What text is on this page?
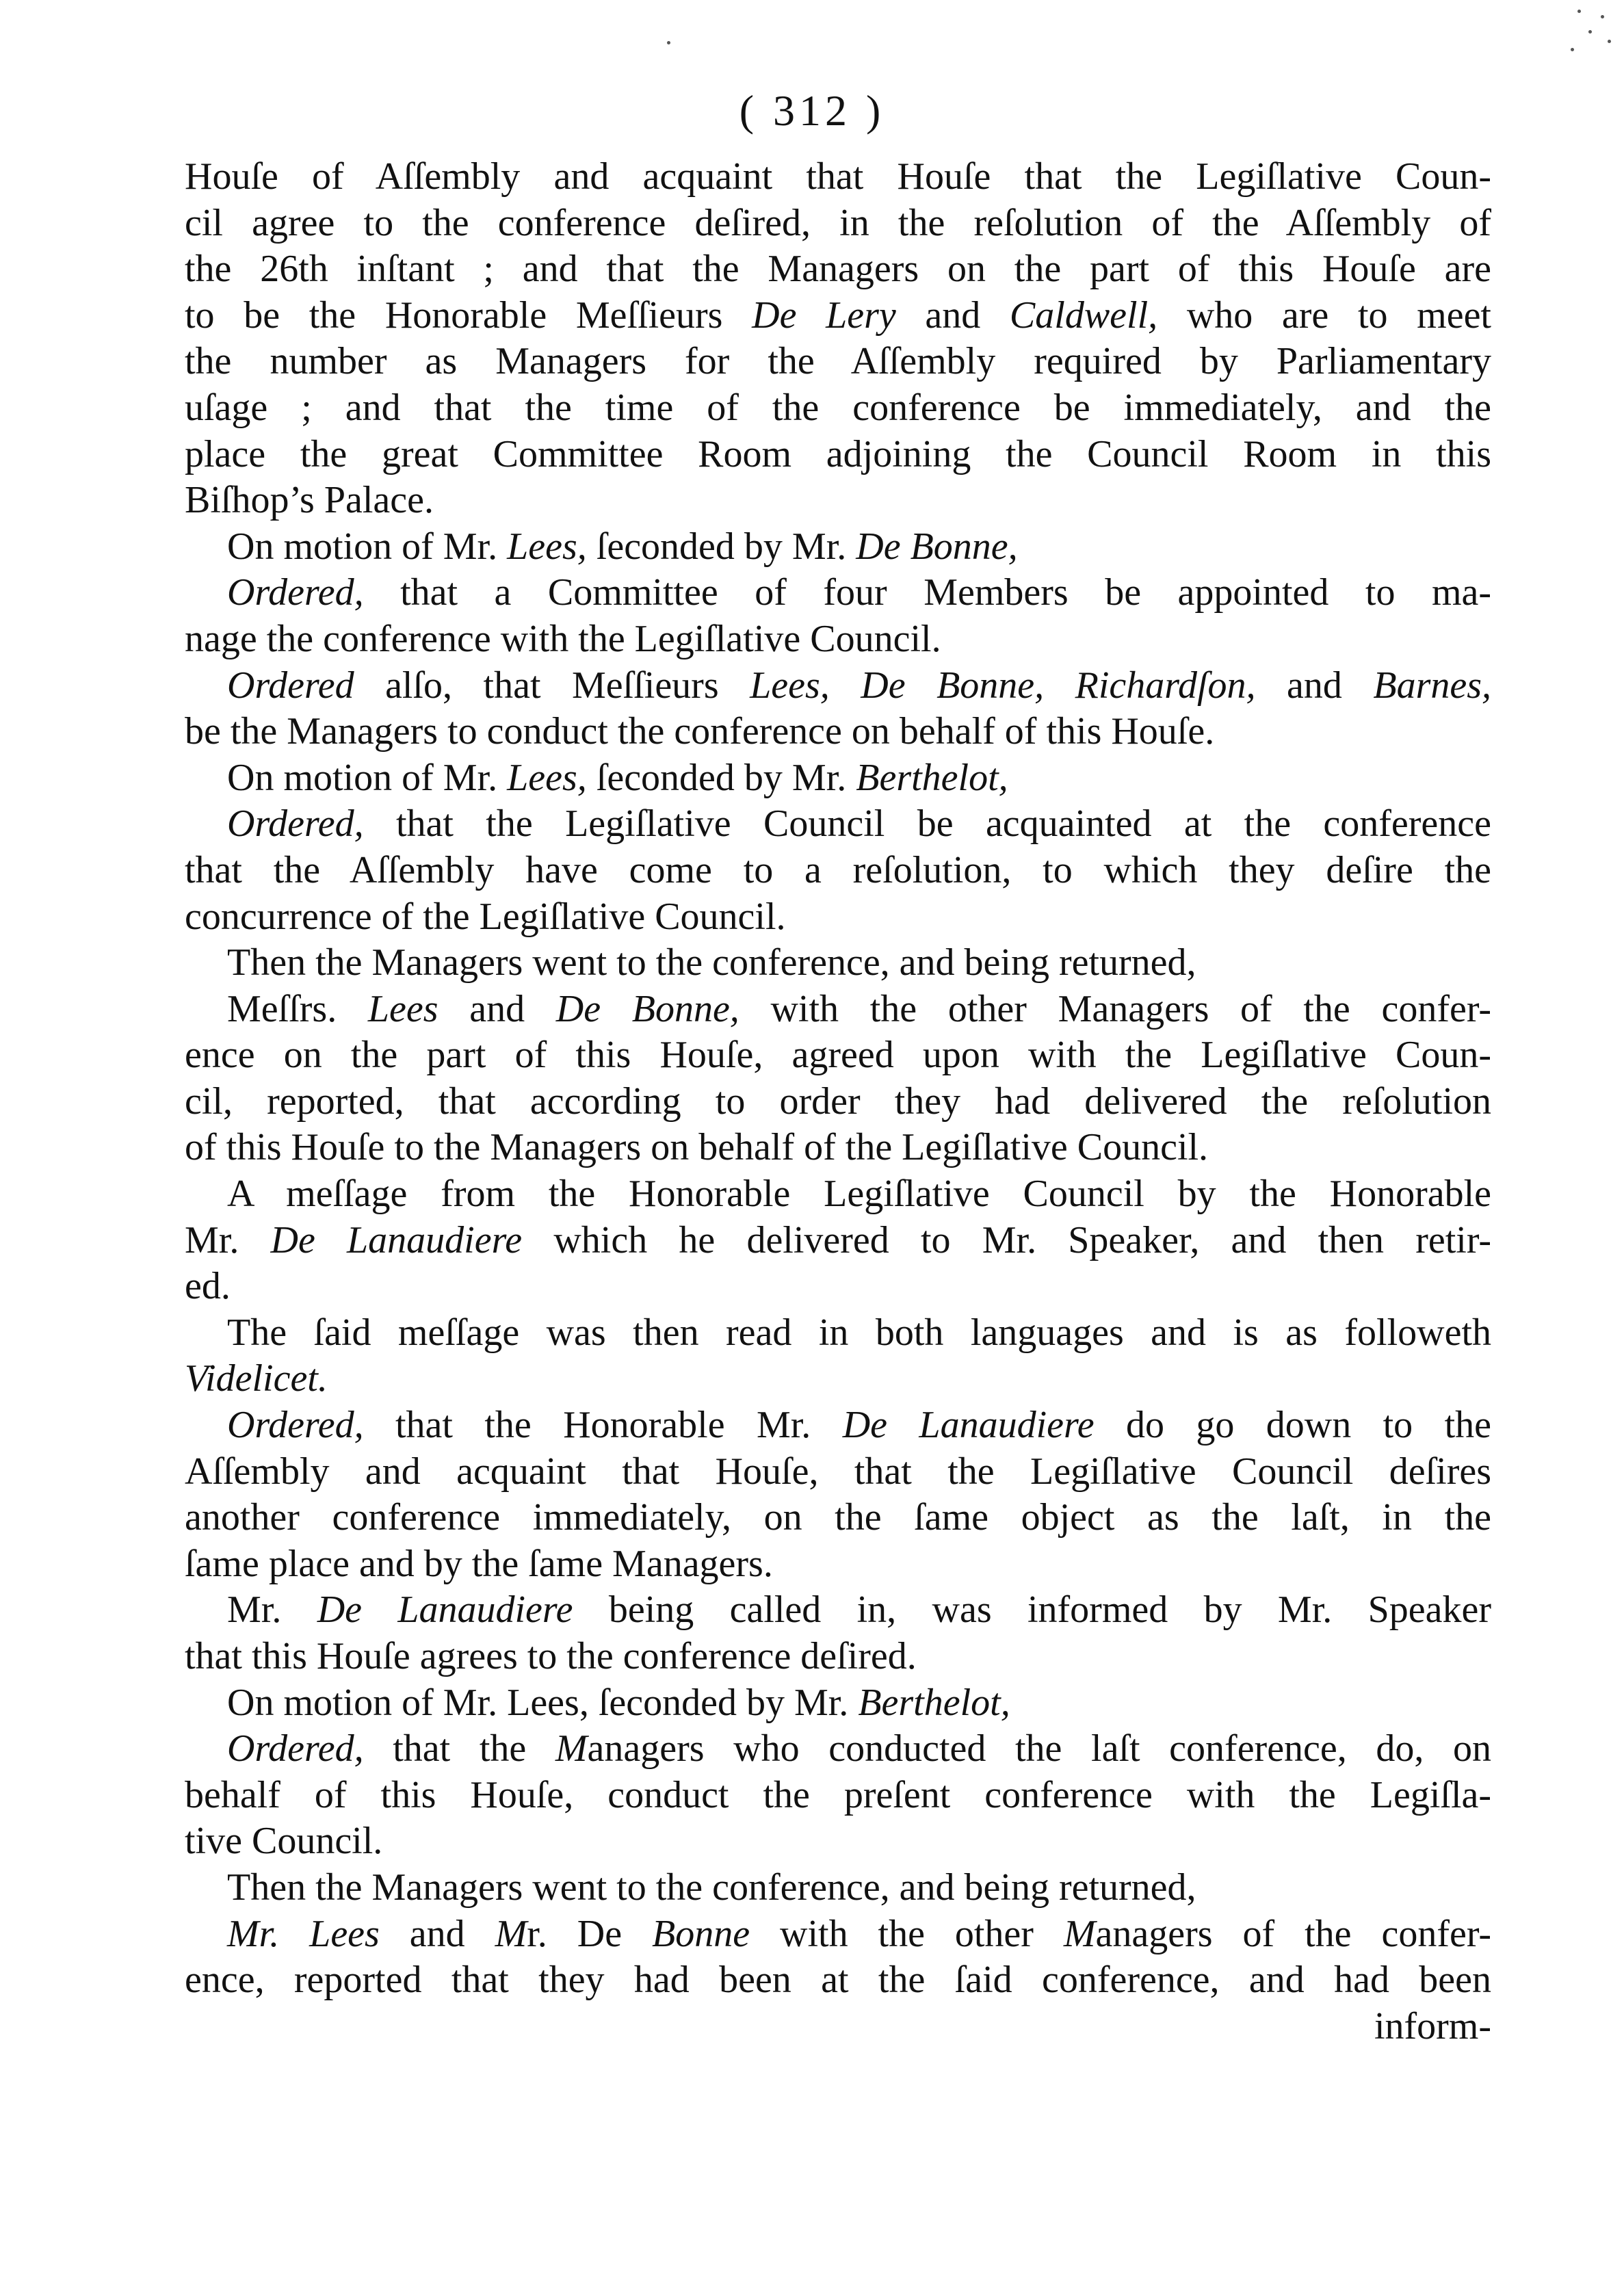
( 312 )
Houſe of Aſſembly and acquaint that Houſe that the Legiſlative Coun-
cil agree to the conference deſired, in the reſolution of the Aſſembly of
the 26th inſtant ; and that the Managers on the part of this Houſe are
to be the Honorable Meſſieurs De Lery and Caldwell, who are to meet
the number as Managers for the Aſſembly required by Parliamentary
uſage ; and that the time of the conference be immediately, and the
place the great Committee Room adjoining the Council Room in this
Biſhop’s Palace.
On motion of Mr. Lees, ſeconded by Mr. De Bonne,
Ordered, that a Committee of four Members be appointed to ma-
nage the conference with the Legiſlative Council.
Ordered alſo, that Meſſieurs Lees, De Bonne, Richardſon, and Barnes,
be the Managers to conduct the conference on behalf of this Houſe.
On motion of Mr. Lees, ſeconded by Mr. Berthelot,
Ordered, that the Legiſlative Council be acquainted at the conference
that the Aſſembly have come to a reſolution, to which they deſire the
concurrence of the Legiſlative Council.
Then the Managers went to the conference, and being returned,
Meſſrs. Lees and De Bonne, with the other Managers of the confer-
ence on the part of this Houſe, agreed upon with the Legiſlative Coun-
cil, reported, that according to order they had delivered the reſolution
of this Houſe to the Managers on behalf of the Legiſlative Council.
A meſſage from the Honorable Legiſlative Council by the Honorable
Mr. De Lanaudiere which he delivered to Mr. Speaker, and then retir-
ed.
The ſaid meſſage was then read in both languages and is as followeth
Videlicet.
Ordered, that the Honorable Mr. De Lanaudiere do go down to the
Aſſembly and acquaint that Houſe, that the Legiſlative Council deſires
another conference immediately, on the ſame object as the laſt, in the
ſame place and by the ſame Managers.
Mr. De Lanaudiere being called in, was informed by Mr. Speaker
that this Houſe agrees to the conference deſired.
On motion of Mr. Lees, ſeconded by Mr. Berthelot,
Ordered, that the Managers who conducted the laſt conference, do, on
behalf of this Houſe, conduct the preſent conference with the Legiſla-
tive Council.
Then the Managers went to the conference, and being returned,
Mr. Lees and Mr. De Bonne with the other Managers of the confer-
ence, reported that they had been at the ſaid conference, and had been
inform-
